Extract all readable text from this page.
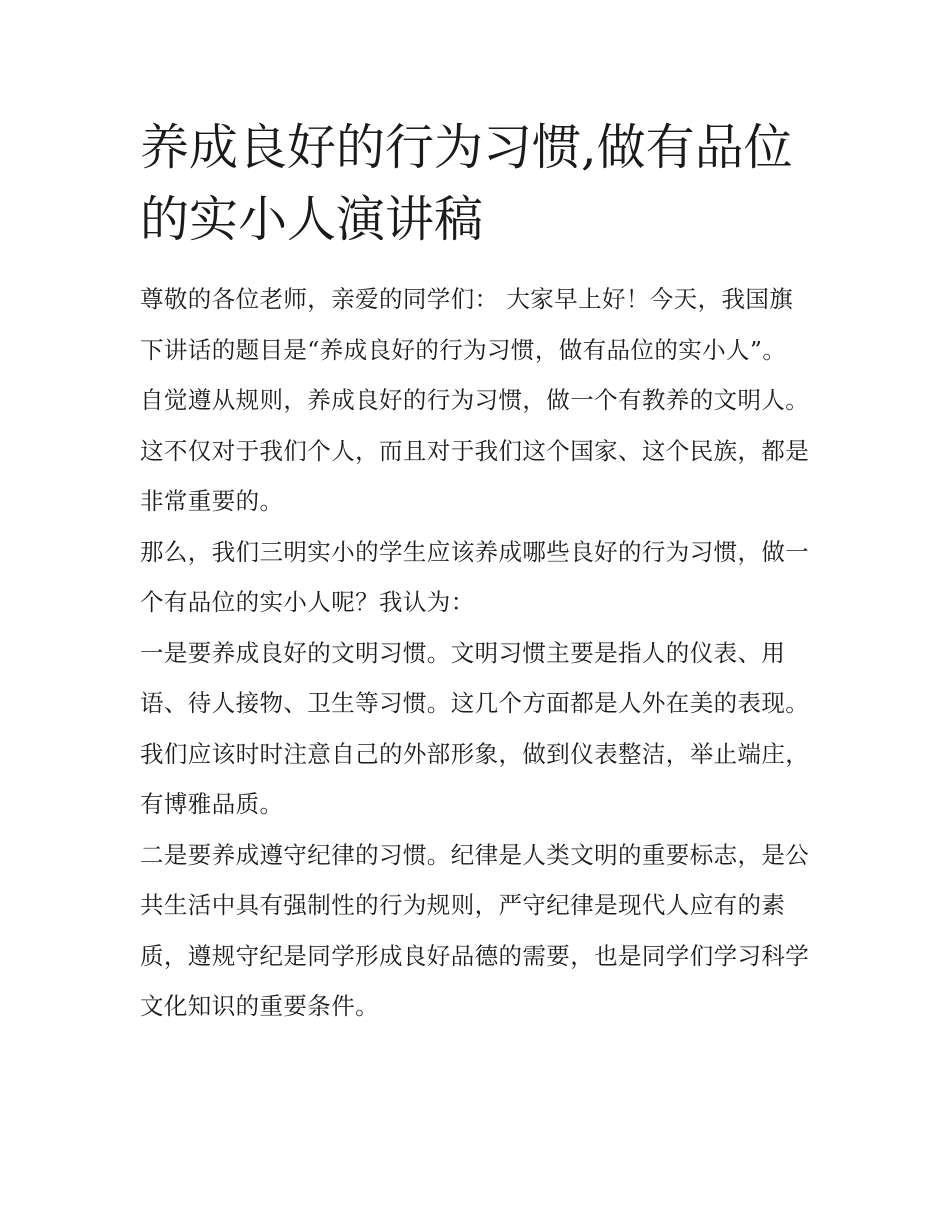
养成良好的行为习惯,做有品位的实小人演讲稿

尊敬的各位老师，亲爱的同学们： 大家早上好！今天，我国旗下讲话的题目是“养成良好的行为习惯，做有品位的实小人”。

自觉遵从规则，养成良好的行为习惯，做一个有教养的文明人。这不仅对于我们个人，而且对于我们这个国家、这个民族，都是非常重要的。

那么，我们三明实小的学生应该养成哪些良好的行为习惯，做一个有品位的实小人呢？我认为：

一是要养成良好的文明习惯。文明习惯主要是指人的仪表、用语、待人接物、卫生等习惯。这几个方面都是人外在美的表现。我们应该时时注意自己的外部形象，做到仪表整洁，举止端庄，有博雅品质。

二是要养成遵守纪律的习惯。纪律是人类文明的重要标志，是公共生活中具有强制性的行为规则，严守纪律是现代人应有的素质，遵规守纪是同学形成良好品德的需要，也是同学们学习科学文化知识的重要条件。
